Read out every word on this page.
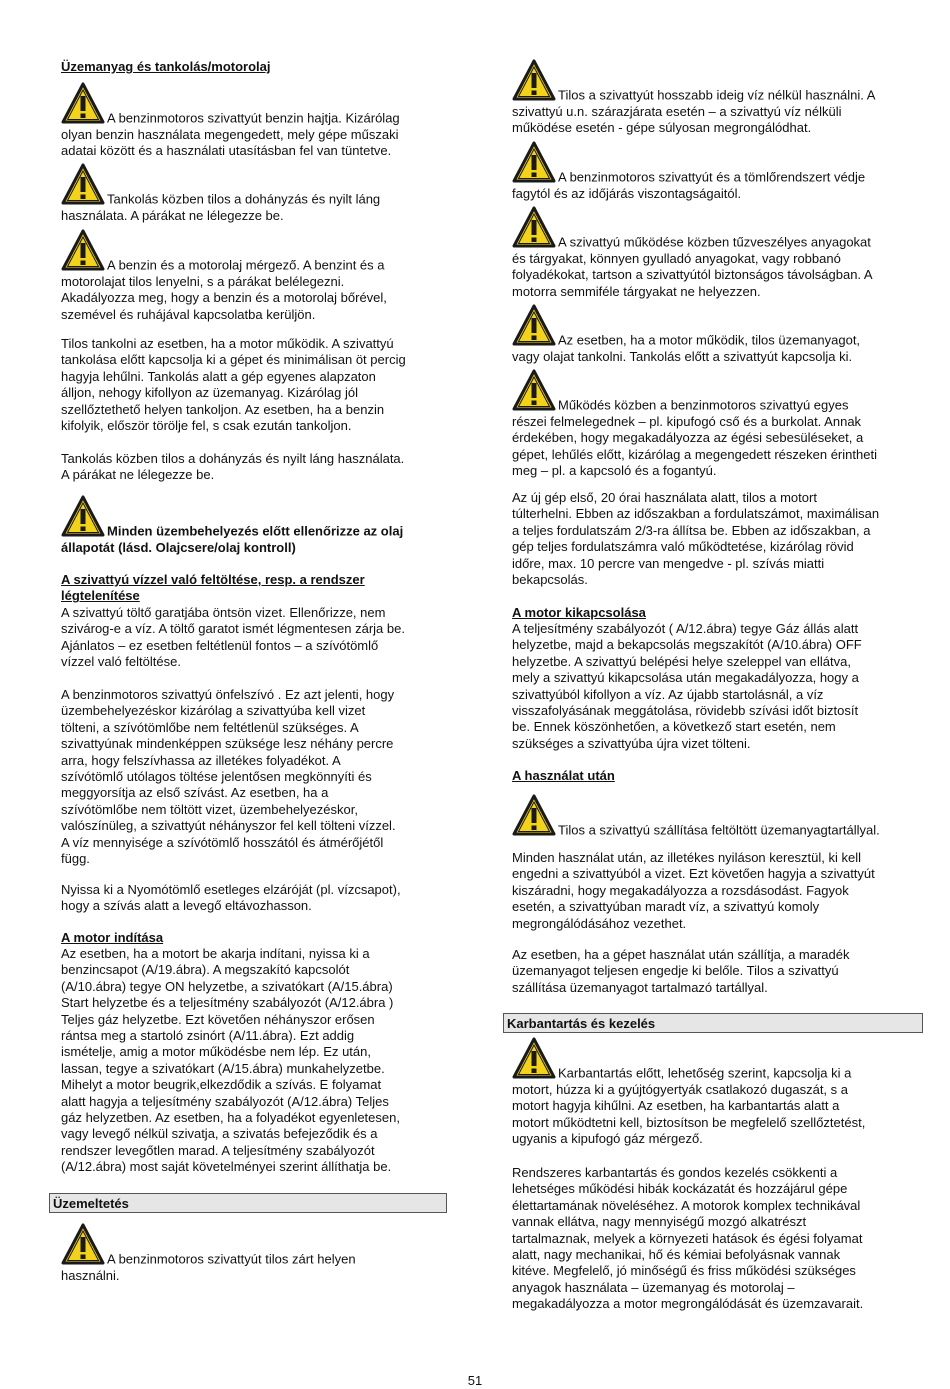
Üzemanyag és tankolás/motorolaj
A benzinmotoros szivattyút benzin hajtja. Kizárólag
olyan benzin használata megengedett, mely gépe műszaki
adatai között és a használati utasításban fel van tüntetve.
Tankolás közben tilos a dohányzás és nyilt láng
használata. A párákat ne lélegezze be.
A benzin és a motorolaj mérgező. A benzint és a
motorolajat tilos lenyelni, s a párákat belélegezni.
Akadályozza meg, hogy a benzin és a motorolaj bőrével,
szemével és ruhájával kapcsolatba kerüljön.
Tilos tankolni az esetben, ha a motor működik. A szivattyú
tankolása előtt kapcsolja ki a gépet és minimálisan öt percig
hagyja lehűlni. Tankolás alatt a gép egyenes alapzaton
álljon, nehogy kifollyon az üzemanyag. Kizárólag jól
szellőztethető helyen tankoljon. Az esetben, ha a benzin
kifolyik, először törölje fel, s csak ezután tankoljon.
Tankolás közben tilos a dohányzás és nyilt láng használata.
A párákat ne lélegezze be.
Minden üzembehelyezés előtt ellenőrizze az olaj
állapotát (lásd. Olajcsere/olaj kontroll)
A szivattyú vízzel való feltöltése, resp. a rendszer
légtelenítése
A szivattyú töltő garatjába öntsön vizet. Ellenőrizze, nem
szivárog-e a víz. A töltő garatot ismét légmentesen zárja be.
Ajánlatos – ez esetben feltétlenül fontos – a szívótömlő
vízzel való feltöltése.
A benzinmotoros szivattyú önfelszívó . Ez azt jelenti, hogy
üzembehelyezéskor kizárólag a szivattyúba kell vizet
tölteni, a szívótömlőbe nem feltétlenül szükséges. A
szivattyúnak mindenképpen szüksége lesz néhány percre
arra, hogy felszívhassa az illetékes folyadékot. A
szívótömlő utólagos töltése jelentősen megkönnyíti és
meggyorsítja az első szívást. Az esetben, ha a
szívótömlőbe nem töltött vizet, üzembehelyezéskor,
valószínüleg, a szivattyút néhányszor fel kell tölteni vízzel.
A víz mennyisége a szívótömlő hosszától és átmérőjétől
függ.
Nyissa ki a Nyomótömlő esetleges elzáróját (pl. vízcsapot),
hogy a szívás alatt a levegő eltávozhasson.
A motor indítása
Az esetben, ha a motort be akarja indítani, nyissa ki a
benzincsapot (A/19.ábra). A megszakító kapcsolót
(A/10.ábra) tegye ON helyzetbe, a szivatókart (A/15.ábra)
Start helyzetbe és a teljesítmény szabályozót (A/12.ábra )
Teljes gáz helyzetbe. Ezt követően néhányszor erősen
rántsa meg a startoló zsinórt (A/11.ábra). Ezt addig
ismételje, amig a motor működésbe nem lép. Ez után,
lassan, tegye a szivatókart (A/15.ábra) munkahelyzetbe.
Mihelyt a motor beugrik,elkezdődik a szívás. E folyamat
alatt hagyja a teljesítmény szabályozót (A/12.ábra) Teljes
gáz helyzetben. Az esetben, ha a folyadékot egyenletesen,
vagy levegő nélkül szivatja, a szivatás befejeződik és a
rendszer levegőtlen marad. A teljesítmény szabályozót
(A/12.ábra) most saját követelményei szerint állíthatja be.
Üzemeltetés
A benzinmotoros szivattyút tilos zárt helyen
használni.
Tilos a szivattyút hosszabb ideig víz nélkül használni. A
szivattyú u.n. szárazjárata esetén – a szivattyú víz nélküli
működése esetén - gépe súlyosan megrongálódhat.
A benzinmotoros szivattyút és a tömlőrendszert védje
fagytól és az időjárás viszontagságaitól.
A szivattyú működése közben tűzveszélyes anyagokat
és tárgyakat, könnyen gyulladó anyagokat, vagy robbanó
folyadékokat, tartson a szivattyútól biztonságos távolságban. A
motorra semmiféle tárgyakat ne helyezzen.
Az esetben, ha a motor működik, tilos üzemanyagot,
vagy olajat tankolni. Tankolás előtt a szivattyút kapcsolja ki.
Működés közben a benzinmotoros szivattyú egyes
részei felmelegednek – pl. kipufogó cső és a burkolat. Annak
érdekében, hogy megakadályozza az égési sebesüléseket, a
gépet, lehűlés előtt, kizárólag a megengedett részeken érintheti
meg – pl. a kapcsoló és a fogantyú.
Az új gép első, 20 órai használata alatt, tilos a motort
túlterhelni. Ebben az időszakban a fordulatszámot, maximálisan
a teljes fordulatszám 2/3-ra állítsa be. Ebben az időszakban, a
gép teljes fordulatszámra való működtetése, kizárólag rövid
időre, max. 10 percre van mengedve - pl. szívás miatti
bekapcsolás.
A motor kikapcsolása
A teljesítmény szabályozót ( A/12.ábra) tegye Gáz állás alatt
helyzetbe, majd a bekapcsolás megszakítót (A/10.ábra) OFF
helyzetbe. A szivattyú belépési helye szeleppel van ellátva,
mely a szivattyú kikapcsolása után megakadályozza, hogy a
szivattyúból kifollyon a víz. Az újabb startolásnál, a víz
visszafolyásának meggátolása, rövidebb szívási időt biztosít
be. Ennek köszönhetően, a következő start esetén, nem
szükséges a szivattyúba újra vizet tölteni.
A használat után
Tilos a szivattyú szállítása feltöltött üzemanyagtartállyal.
Minden használat után, az illetékes nyiláson keresztül, ki kell
engedni a szivattyúból a vizet. Ezt követően hagyja a szivattyút
kiszáradni, hogy megakadályozza a rozsdásodást. Fagyok
esetén, a szivattyúban maradt víz, a szivattyú komoly
megrongálódásához vezethet.
Az esetben, ha a gépet használat után szállítja, a maradék
üzemanyagot teljesen engedje ki belőle. Tilos a szivattyú
szállítása üzemanyagot tartalmazó tartállyal.
Karbantartás és kezelés
Karbantartás előtt, lehetőség szerint, kapcsolja ki a
motort, húzza ki a gyújtógyertyák csatlakozó dugaszát, s a
motort hagyja kihűlni. Az esetben, ha karbantartás alatt a
motort működtetni kell, biztosítson be megfelelő szellőztetést,
ugyanis a kipufogó gáz mérgező.
Rendszeres karbantartás és gondos kezelés csökkenti a
lehetséges működési hibák kockázatát és hozzájárul gépe
élettartamának növeléséhez. A motorok komplex technikával
vannak ellátva, nagy mennyiségű mozgó alkatrészt
tartalmaznak, melyek a környezeti hatások és égési folyamat
alatt, nagy mechanikai, hő és kémiai befolyásnak vannak
kitéve. Megfelelő, jó minőségű és friss működési szükséges
anyagok használata – üzemanyag és motorolaj –
megakadályozza a motor megrongálódását és üzemzavarait.
51
